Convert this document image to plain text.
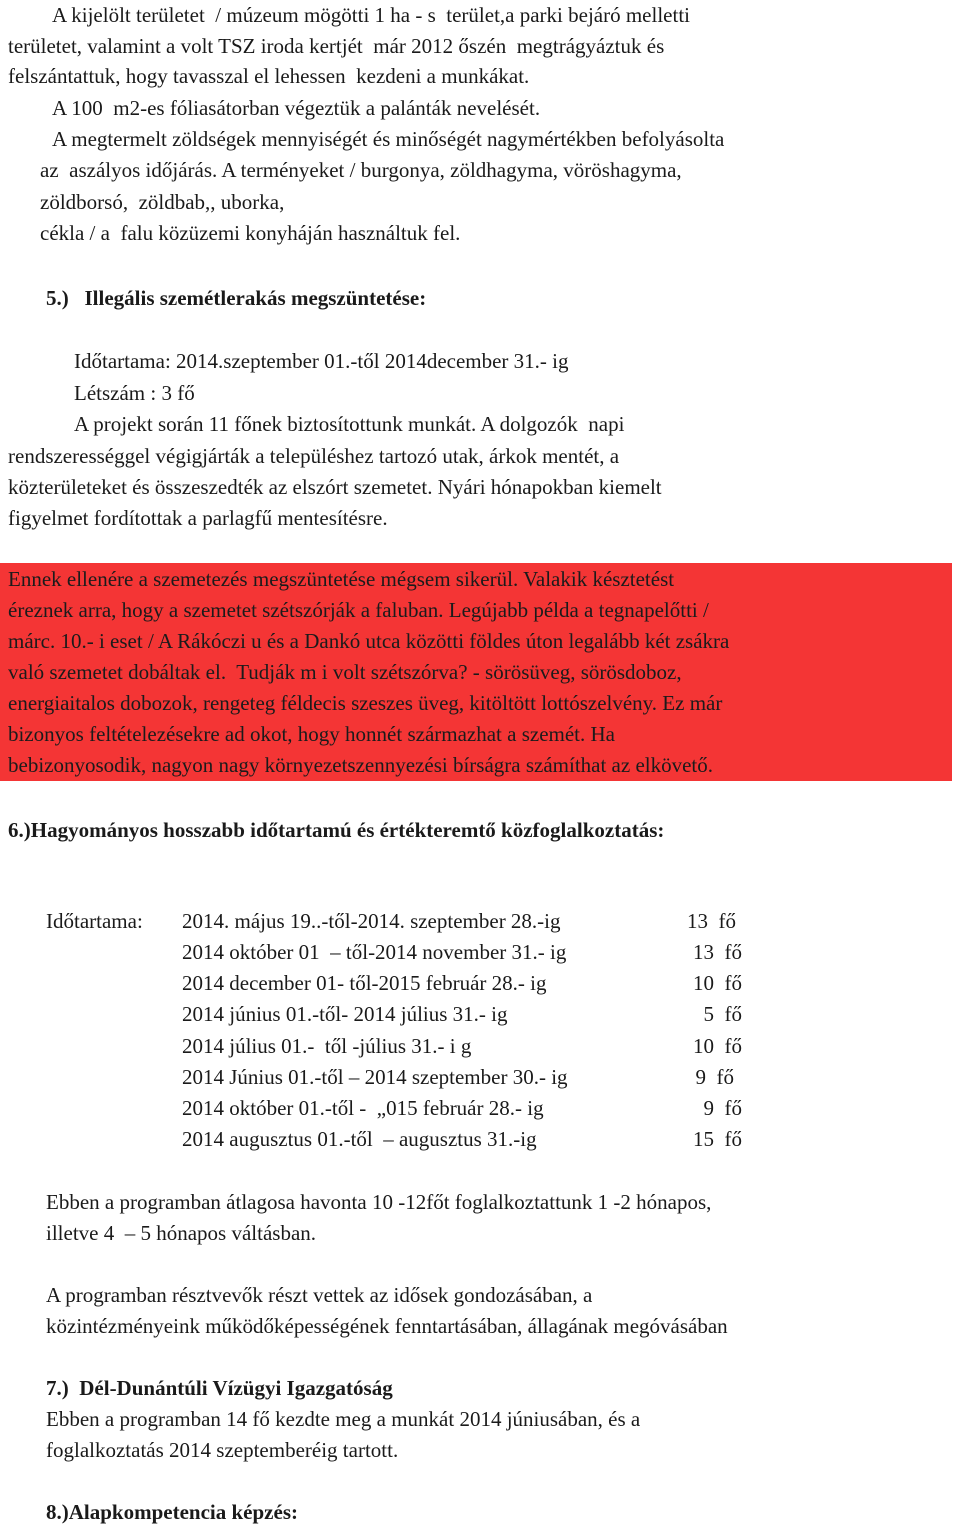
A kijelölt területet  / múzeum mögötti 1 ha - s  terület,a parki bejáró melletti
területet, valamint a volt TSZ iroda kertjét  már 2012 őszén  megtrágyáztuk és
felszántattuk, hogy tavasszal el lehessen  kezdeni a munkákat.
A 100  m2-es fóliasátorban végeztük a palánták nevelését.
A megtermelt zöldségek mennyiségét és minőségét nagymértékben befolyásolta
az  aszályos időjárás. A terményeket / burgonya, zöldhagyma, vöröshagyma,
zöldborsó,  zöldbab,, uborka,
cékla / a  falu közüzemi konyháján használtuk fel.
5.)   Illegális szemétlerakás megszüntetése:
Időtartama: 2014.szeptember 01.-től 2014december 31.- ig
Létszám : 3 fő
A projekt során 11 főnek biztosítottunk munkát. A dolgozók  napi
rendszerességgel végigjárták a településhez tartozó utak, árkok mentét, a
közterületeket és összeszedték az elszórt szemetet. Nyári hónapokban kiemelt
figyelmet fordítottak a parlagfű mentesítésre.
Ennek ellenére a szemetezés megszüntetése mégsem sikerül. Valakik késztetést
éreznek arra, hogy a szemetet szétszórják a faluban. Legújabb példa a tegnapelőtti /
márc. 10.- i eset / A Rákóczi u és a Dankó utca közötti földes úton legalább két zsákra
való szemetet dobáltak el.  Tudják m i volt szétszórva? - sörösüveg, sörösdoboz,
energiaitalos dobozok, rengeteg féldecis szeszes üveg, kitöltött lottószelvény. Ez már
bizonyos feltételezésekre ad okot, hogy honnét származhat a szemét. Ha
bebizonyosodik, nagyon nagy környezetszennyezési bírságra számíthat az elkövető.
6.)Hagyományos hosszabb időtartamú és értékteremtő közfoglalkoztatás:
Időtartama: 2014. május 19..-től-2014. szeptember 28.-ig	13  fő
2014 október 01  – től-2014 november 31.- ig	13  fő
2014 december 01- től-2015 február 28.- ig	10  fő
2014 június 01.-től- 2014 július 31.- ig	5  fő
2014 július 01.-  től -július 31.- i g	10  fő
2014 Június 01.-től – 2014 szeptember 30.- ig	9  fő
2014 október 01.-től -  „015 február 28.- ig	9  fő
2014 augusztus 01.-től  – augusztus 31.-ig	15  fő
Ebben a programban átlagosa havonta 10 -12főt foglalkoztattunk 1 -2 hónapos,
illetve 4  – 5 hónapos váltásban.
A programban résztvevők részt vettek az idősek gondozásában, a
közintézményeink működőképességének fenntartásában, állagának megóvásában
7.)  Dél-Dunántúli Vízügyi Igazgatóság
Ebben a programban 14 fő kezdte meg a munkát 2014 júniusában, és a
foglalkoztatás 2014 szeptemberéig tartott.
8.)Alapkompetencia képzés:
